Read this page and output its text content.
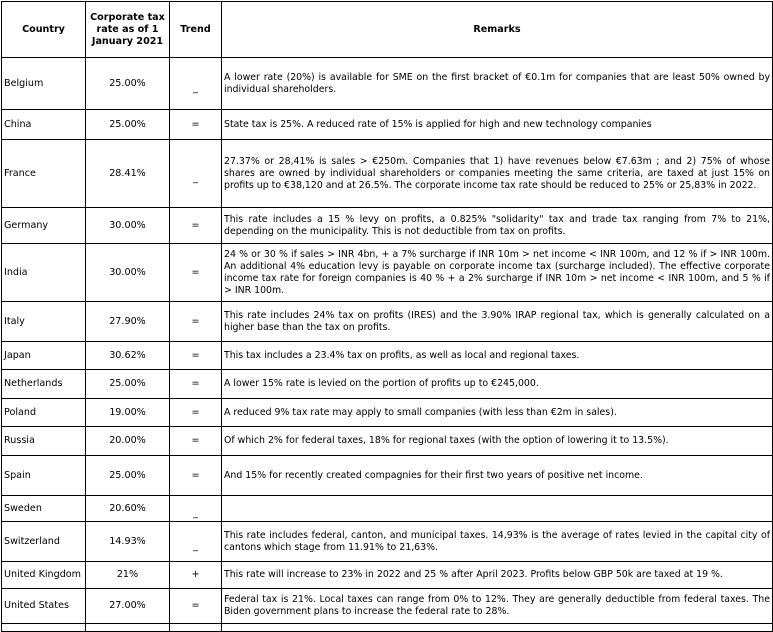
Country	Corporate tax rate as of 1 January 2021	Trend	Remarks
Belgium	25.00%	_	A lower rate (20%) is available for SME on the first bracket of €0.1m for companies that are least 50% owned by individual shareholders.
China	25.00%	=	State tax is 25%. A reduced rate of 15% is applied for high and new technology companies
France	28.41%	_	27.37% or 28,41% is sales > €250m. Companies that 1) have revenues below €7.63m ; and 2) 75% of whose shares are owned by individual shareholders or companies meeting the same criteria, are taxed at just 15% on profits up to €38,120 and at 26.5%. The corporate income tax rate should be reduced to 25% or 25,83% in 2022.
Germany	30.00%	=	This rate includes a 15 % levy on profits, a 0.825% "solidarity" tax and trade tax ranging from 7% to 21%, depending on the municipality. This is not deductible from tax on profits.
India	30.00%	=	24 % or 30 % if sales > INR 4bn, + a 7% surcharge if INR 10m > net income < INR 100m, and 12 % if > INR 100m. An additional 4% education levy is payable on corporate income tax (surcharge included). The effective corporate income tax rate for foreign companies is 40 % + a 2% surcharge if INR 10m > net income < INR 100m, and 5 % if > INR 100m.
Italy	27.90%	=	This rate includes 24% tax on profits (IRES) and the 3.90% IRAP regional tax, which is generally calculated on a higher base than the tax on profits.
Japan	30.62%	=	This tax includes a 23.4% tax on profits, as well as local and regional taxes.
Netherlands	25.00%	=	A lower 15% rate is levied on the portion of profits up to €245,000.
Poland	19.00%	=	A reduced 9% tax rate may apply to small companies (with less than €2m in sales).
Russia	20.00%	=	Of which 2% for federal taxes, 18% for regional taxes (with the option of lowering it to 13.5%).
Spain	25.00%	=	And 15% for recently created compagnies for their first two years of positive net income.
Sweden	20.60%	_	
Switzerland	14.93%	_	This rate includes federal, canton, and municipal taxes. 14,93% is the average of rates levied in the capital city of cantons which stage from 11.91% to 21,63%.
United Kingdom	21%	+	This rate will increase to 23% in 2022 and 25 % after April 2023. Profits below GBP 50k are taxed at 19 %.
United States	27.00%	=	Federal tax is 21%. Local taxes can range from 0% to 12%. They are generally deductible from federal taxes. The Biden government plans to increase the federal rate to 28%.
